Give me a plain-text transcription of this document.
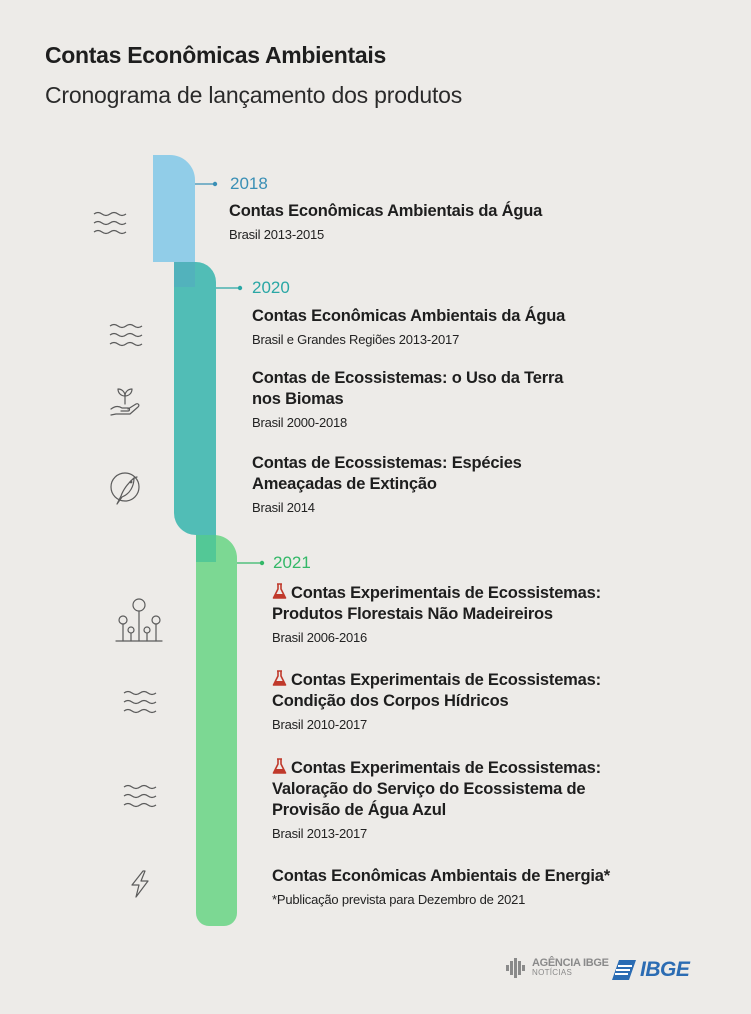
Contas Econômicas Ambientais
Cronograma de lançamento dos produtos
2018
2020
2021
Contas Econômicas Ambientais da Água
Brasil 2013-2015
Contas Econômicas Ambientais da Água
Brasil e Grandes Regiões 2013-2017
Contas de Ecossistemas: o Uso da Terra nos Biomas
Brasil 2000-2018
Contas de Ecossistemas: Espécies Ameaçadas de Extinção
Brasil 2014
Contas Experimentais de Ecossistemas: Produtos Florestais Não Madeireiros
Brasil 2006-2016
Contas Experimentais de Ecossistemas: Condição dos Corpos Hídricos
Brasil 2010-2017
Contas Experimentais de Ecossistemas: Valoração do Serviço do Ecossistema de Provisão de Água Azul
Brasil 2013-2017
Contas Econômicas Ambientais de Energia*
*Publicação prevista para Dezembro de 2021
AGÊNCIA IBGE
NOTÍCIAS	IBGE
